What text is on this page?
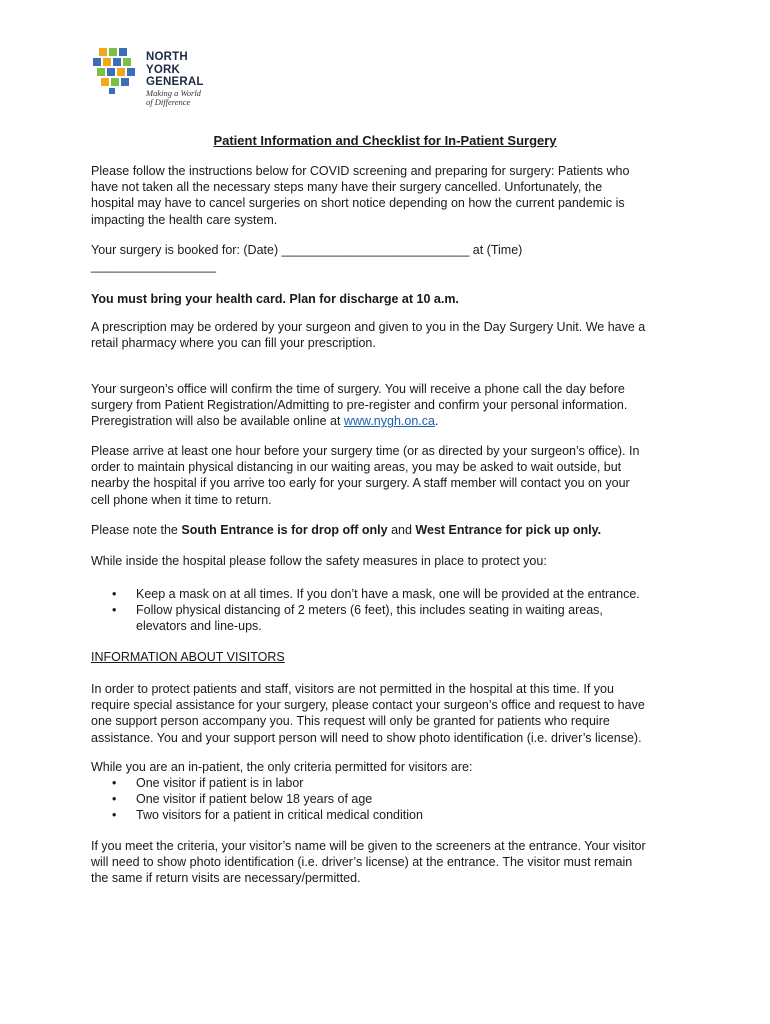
NORTH
YORK
GENERAL
Making a World
of Difference
Patient Information and Checklist for In-Patient Surgery
Please follow the instructions below for COVID screening and preparing for surgery: Patients who
have not taken all the necessary steps many have their surgery cancelled. Unfortunately, the
hospital may have to cancel surgeries on short notice depending on how the current pandemic is
impacting the health care system.
Your surgery is booked for: (Date) ___________________________ at (Time)
__________________
You must bring your health card. Plan for discharge at 10 a.m.
A prescription may be ordered by your surgeon and given to you in the Day Surgery Unit. We have a
retail pharmacy where you can fill your prescription.
Your surgeon’s office will confirm the time of surgery. You will receive a phone call the day before
surgery from Patient Registration/Admitting to pre-register and confirm your personal information.
Preregistration will also be available online at www.nygh.on.ca.
Please arrive at least one hour before your surgery time (or as directed by your surgeon’s office). In
order to maintain physical distancing in our waiting areas, you may be asked to wait outside, but
nearby the hospital if you arrive too early for your surgery. A staff member will contact you on your
cell phone when it time to return.
Please note the South Entrance is for drop off only and West Entrance for pick up only.
While inside the hospital please follow the safety measures in place to protect you:
• Keep a mask on at all times. If you don’t have a mask, one will be provided at the entrance.
• Follow physical distancing of 2 meters (6 feet), this includes seating in waiting areas,
elevators and line-ups.
INFORMATION ABOUT VISITORS
In order to protect patients and staff, visitors are not permitted in the hospital at this time. If you
require special assistance for your surgery, please contact your surgeon’s office and request to have
one support person accompany you. This request will only be granted for patients who require
assistance. You and your support person will need to show photo identification (i.e. driver’s license).
While you are an in-patient, the only criteria permitted for visitors are:
• One visitor if patient is in labor
• One visitor if patient below 18 years of age
• Two visitors for a patient in critical medical condition
If you meet the criteria, your visitor’s name will be given to the screeners at the entrance. Your visitor
will need to show photo identification (i.e. driver’s license) at the entrance. The visitor must remain
the same if return visits are necessary/permitted.
